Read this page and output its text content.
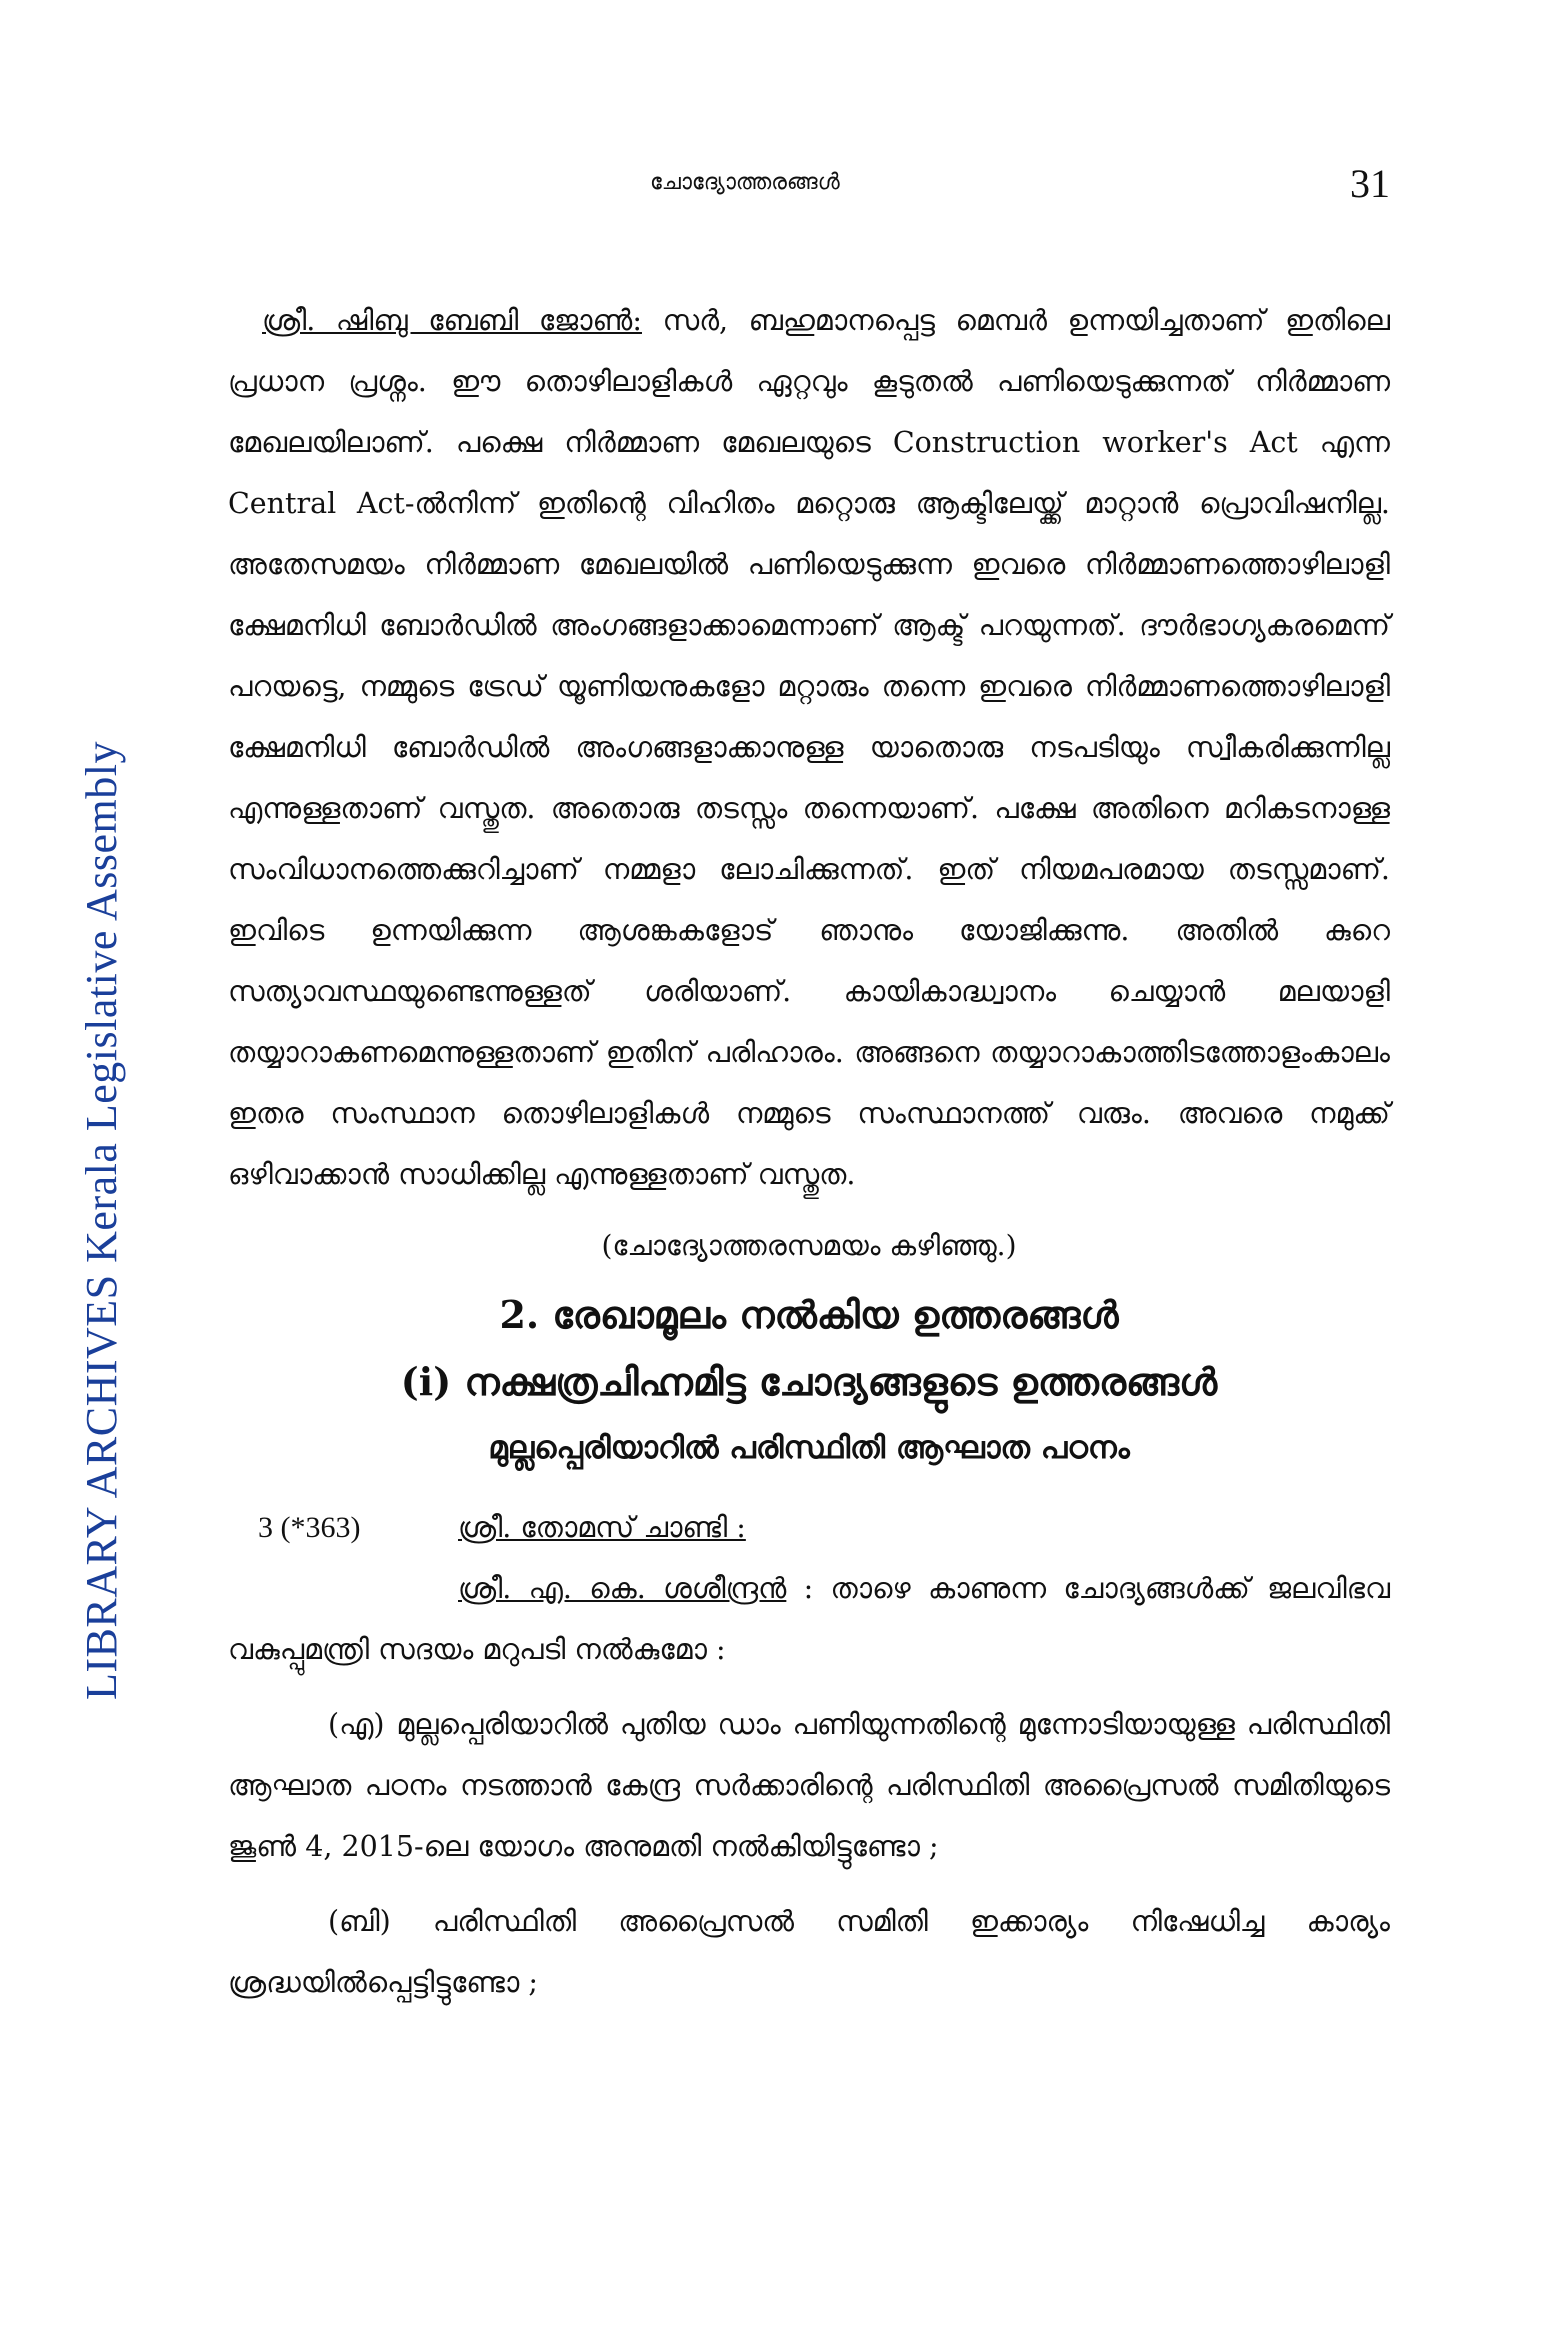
LIBRARY ARCHIVES Kerala Legislative Assembly
ചോദ്യോത്തരങ്ങൾ	31
ശ്രീ. ഷിബു ബേബി ജോൺ: സർ, ബഹുമാനപ്പെട്ട മെമ്പർ ഉന്നയിച്ചതാണ് ഇതിലെ പ്രധാന പ്രശ്നം. ഈ തൊഴിലാളികൾ ഏറ്റവും കൂടുതൽ പണിയെടുക്കുന്നത് നിർമ്മാണ മേഖലയിലാണ്. പക്ഷെ നിർമ്മാണ മേഖലയുടെ Construction worker's Act എന്ന Central Act-ൽനിന്ന് ഇതിന്റെ വിഹിതം മറ്റൊരു ആക്ടിലേയ്ക്ക് മാറ്റാൻ പ്രൊവിഷനില്ല. അതേസമയം നിർമ്മാണ മേഖലയിൽ പണിയെടുക്കുന്ന ഇവരെ നിർമ്മാണത്തൊഴിലാളി ക്ഷേമനിധി ബോർഡിൽ അംഗങ്ങളാക്കാമെന്നാണ് ആക്ട് പറയുന്നത്. ദൗർഭാഗ്യകരമെന്ന് പറയട്ടെ, നമ്മുടെ ട്രേഡ് യൂണിയനുകളോ മറ്റാരും തന്നെ ഇവരെ നിർമ്മാണത്തൊഴിലാളി ക്ഷേമനിധി ബോർഡിൽ അംഗങ്ങളാക്കാനുള്ള യാതൊരു നടപടിയും സ്വീകരിക്കുന്നില്ല എന്നുള്ളതാണ് വസ്തുത. അതൊരു തടസ്സം തന്നെയാണ്. പക്ഷേ അതിനെ മറികടനാള്ള സംവിധാനത്തെക്കുറിച്ചാണ് നമ്മളാ ലോചിക്കുന്നത്. ഇത് നിയമപരമായ തടസ്സമാണ്. ഇവിടെ ഉന്നയിക്കുന്ന ആശങ്കകളോട് ഞാനും യോജിക്കുന്നു. അതിൽ കുറെ സത്യാവസ്ഥയുണ്ടെന്നുള്ളത് ശരിയാണ്. കായികാദ്ധ്വാനം ചെയ്യാൻ മലയാളി തയ്യാറാകണമെന്നുള്ളതാണ് ഇതിന് പരിഹാരം. അങ്ങനെ തയ്യാറാകാത്തിടത്തോളംകാലം ഇതര സംസ്ഥാന തൊഴിലാളികൾ നമ്മുടെ സംസ്ഥാനത്ത് വരും. അവരെ നമുക്ക് ഒഴിവാക്കാൻ സാധിക്കില്ല എന്നുള്ളതാണ് വസ്തുത.
(ചോദ്യോത്തരസമയം കഴിഞ്ഞു.)
2. രേഖാമൂലം നൽകിയ ഉത്തരങ്ങൾ
(i) നക്ഷത്രചിഹ്നമിട്ട ചോദ്യങ്ങളുടെ ഉത്തരങ്ങൾ
മുല്ലപ്പെരിയാറിൽ പരിസ്ഥിതി ആഘാത പഠനം
3 (*363)	ശ്രീ. തോമസ് ചാണ്ടി :
ശ്രീ. എ. കെ. ശശീന്ദ്രൻ : താഴെ കാണുന്ന ചോദ്യങ്ങൾക്ക് ജലവിഭവ വകുപ്പുമന്ത്രി സദയം മറുപടി നൽകുമോ :
(എ) മുല്ലപ്പെരിയാറിൽ പുതിയ ഡാം പണിയുന്നതിന്റെ മുന്നോടിയായുള്ള പരിസ്ഥിതി ആഘാത പഠനം നടത്താൻ കേന്ദ്ര സർക്കാരിന്റെ പരിസ്ഥിതി അപ്രൈസൽ സമിതിയുടെ ജൂൺ 4, 2015-ലെ യോഗം അനുമതി നൽകിയിട്ടുണ്ടോ ;
(ബി) പരിസ്ഥിതി അപ്രൈസൽ സമിതി ഇക്കാര്യം നിഷേധിച്ച കാര്യം ശ്രദ്ധയിൽപ്പെട്ടിട്ടുണ്ടോ ;
